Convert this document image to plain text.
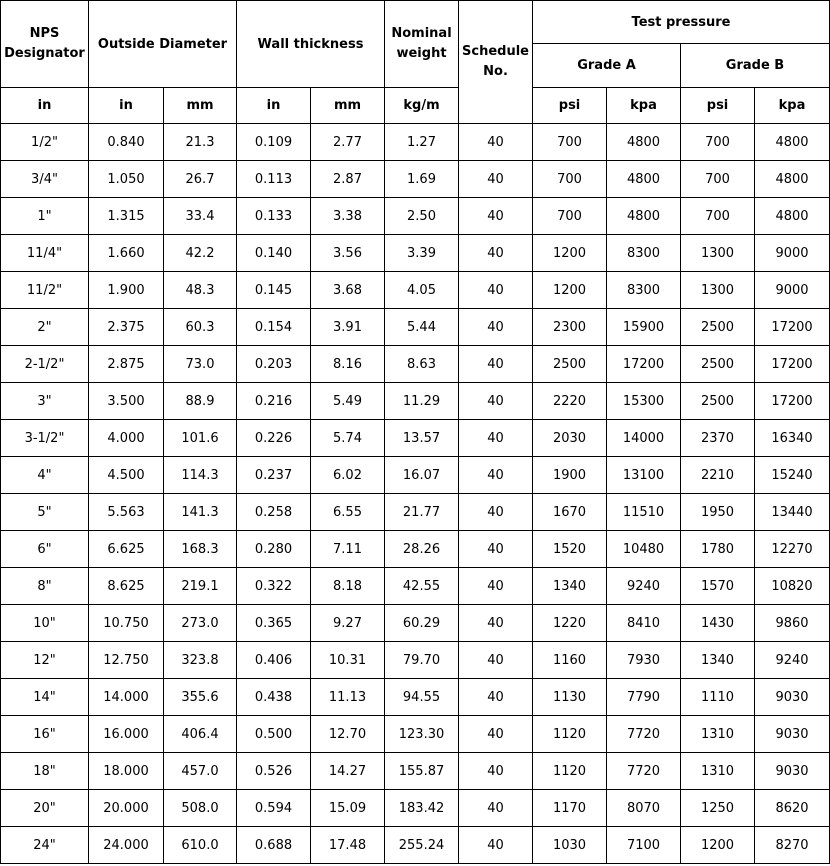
NPS Designator	Outside Diameter		Wall thickness		Nominal weight	Schedule No.	Test pressure			
							Grade A		Grade B	
in	in	mm	in	mm	kg/m		psi	kpa	psi	kpa
1/2"	0.840	21.3	0.109	2.77	1.27	40	700	4800	700	4800
3/4"	1.050	26.7	0.113	2.87	1.69	40	700	4800	700	4800
1"	1.315	33.4	0.133	3.38	2.50	40	700	4800	700	4800
11/4"	1.660	42.2	0.140	3.56	3.39	40	1200	8300	1300	9000
11/2"	1.900	48.3	0.145	3.68	4.05	40	1200	8300	1300	9000
2"	2.375	60.3	0.154	3.91	5.44	40	2300	15900	2500	17200
2-1/2"	2.875	73.0	0.203	8.16	8.63	40	2500	17200	2500	17200
3"	3.500	88.9	0.216	5.49	11.29	40	2220	15300	2500	17200
3-1/2"	4.000	101.6	0.226	5.74	13.57	40	2030	14000	2370	16340
4"	4.500	114.3	0.237	6.02	16.07	40	1900	13100	2210	15240
5"	5.563	141.3	0.258	6.55	21.77	40	1670	11510	1950	13440
6"	6.625	168.3	0.280	7.11	28.26	40	1520	10480	1780	12270
8"	8.625	219.1	0.322	8.18	42.55	40	1340	9240	1570	10820
10"	10.750	273.0	0.365	9.27	60.29	40	1220	8410	1430	9860
12"	12.750	323.8	0.406	10.31	79.70	40	1160	7930	1340	9240
14"	14.000	355.6	0.438	11.13	94.55	40	1130	7790	1110	9030
16"	16.000	406.4	0.500	12.70	123.30	40	1120	7720	1310	9030
18"	18.000	457.0	0.526	14.27	155.87	40	1120	7720	1310	9030
20"	20.000	508.0	0.594	15.09	183.42	40	1170	8070	1250	8620
24"	24.000	610.0	0.688	17.48	255.24	40	1030	7100	1200	8270
